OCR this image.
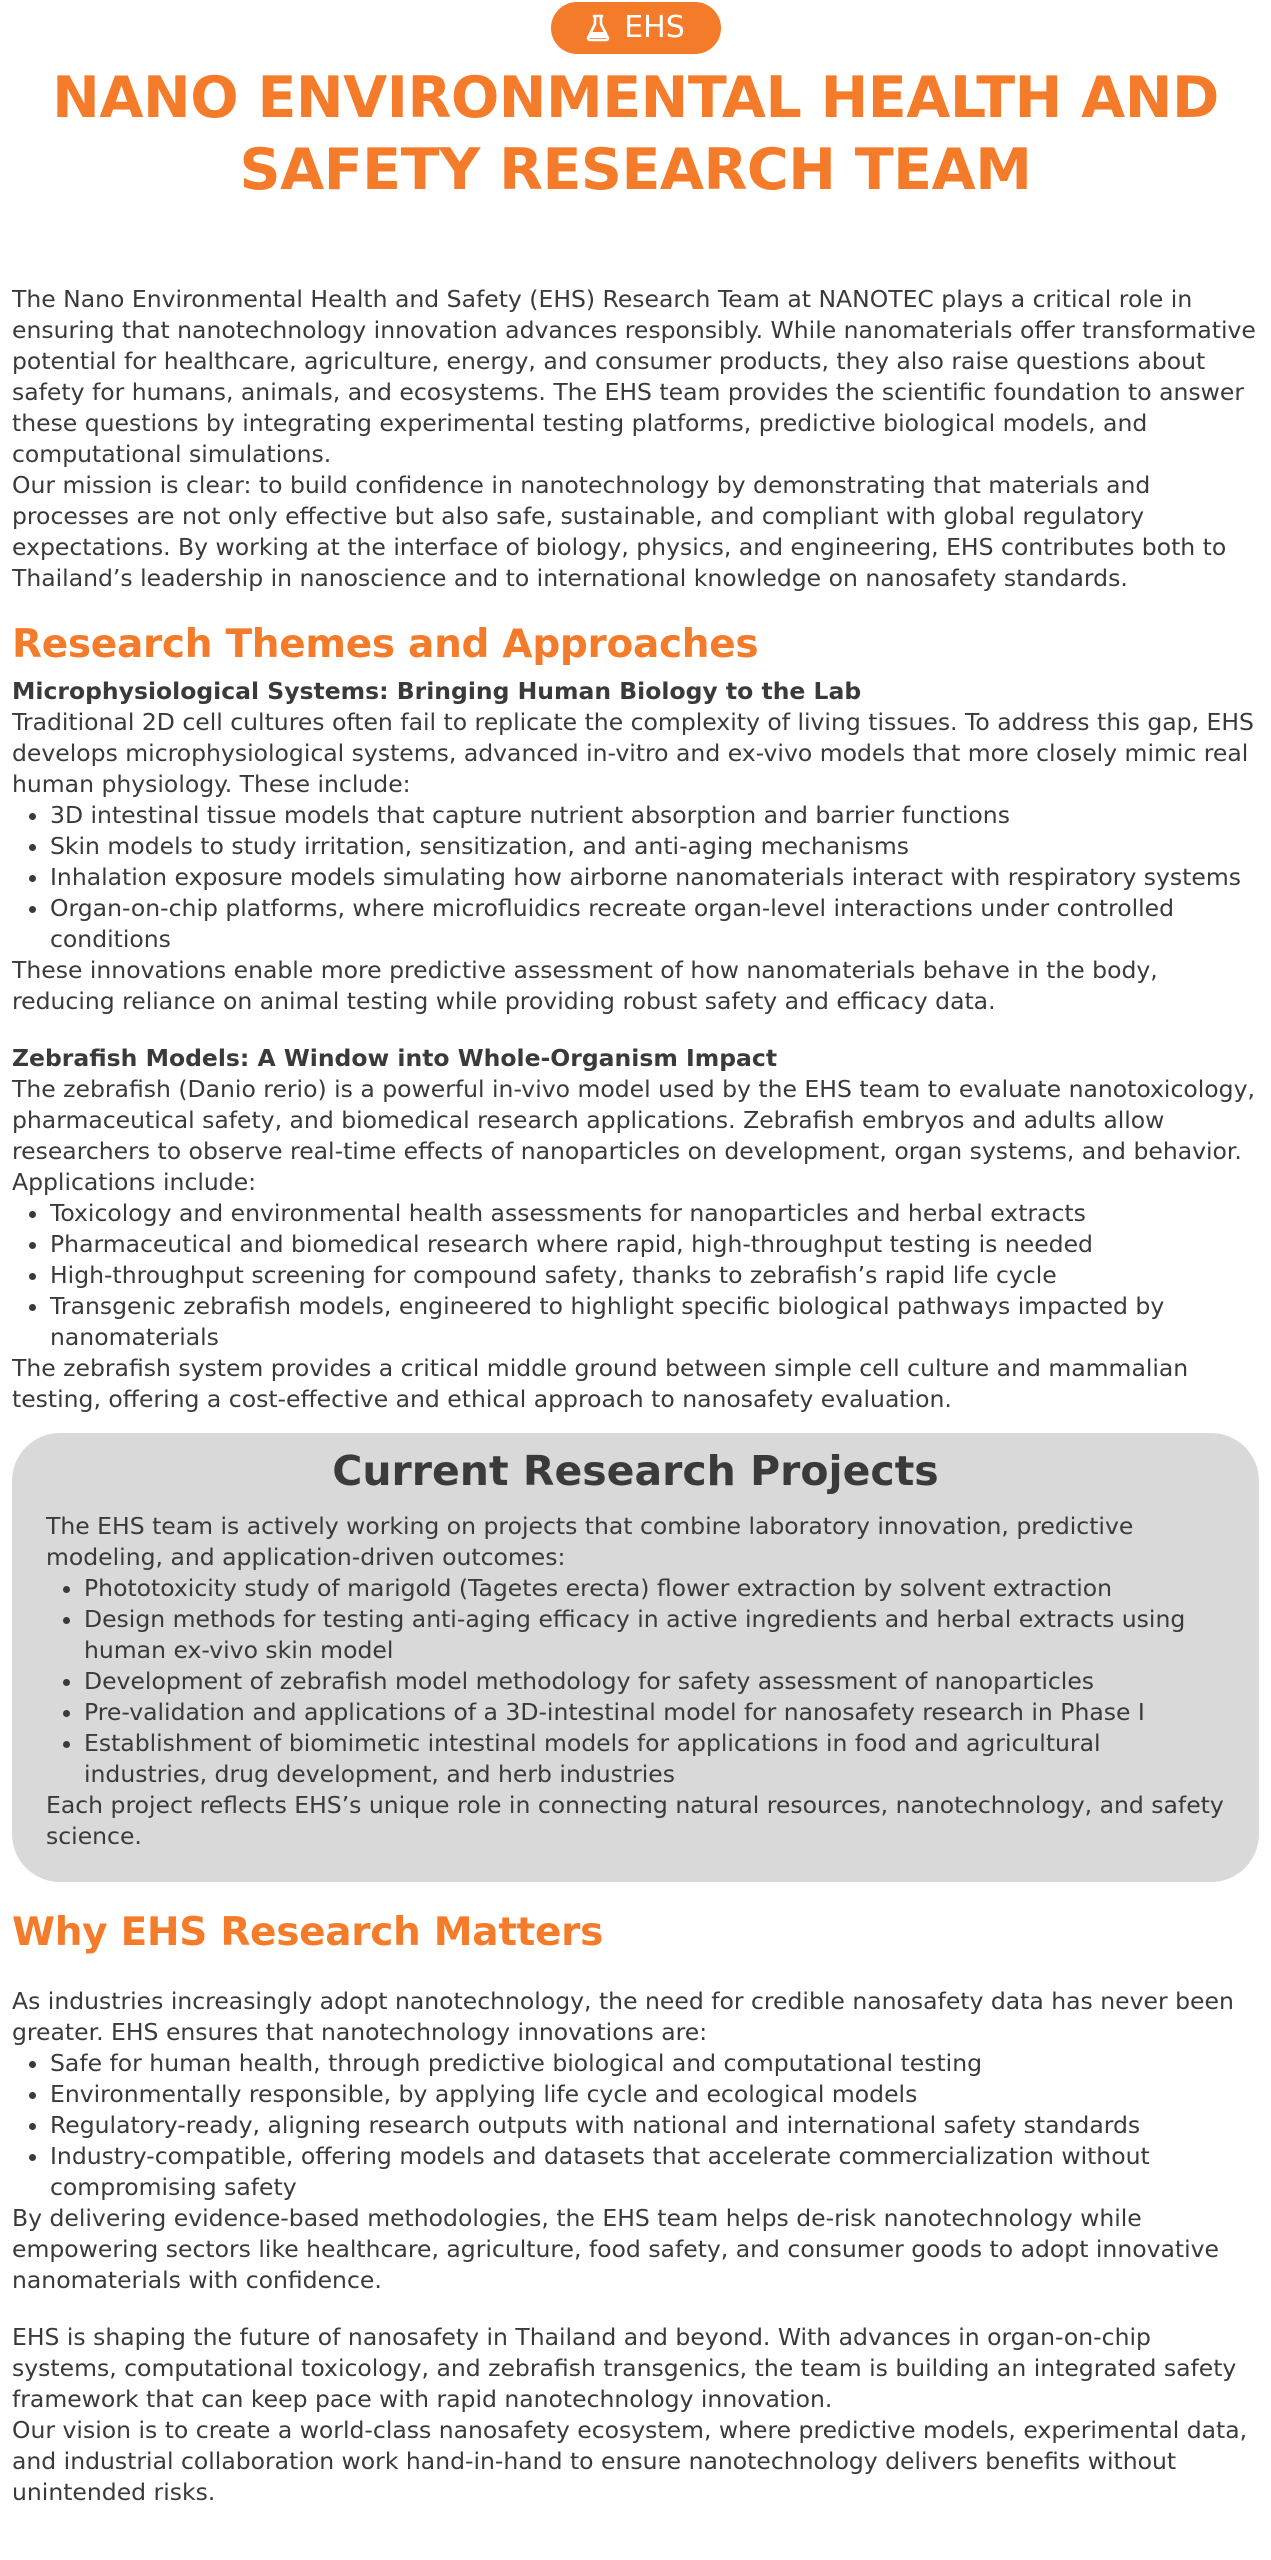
EHS
NANO ENVIRONMENTAL HEALTH AND SAFETY RESEARCH TEAM

The Nano Environmental Health and Safety (EHS) Research Team at NANOTEC plays a critical role in ensuring that nanotechnology innovation advances responsibly. While nanomaterials offer transformative potential for healthcare, agriculture, energy, and consumer products, they also raise questions about safety for humans, animals, and ecosystems. The EHS team provides the scientific foundation to answer these questions by integrating experimental testing platforms, predictive biological models, and computational simulations.

Our mission is clear: to build confidence in nanotechnology by demonstrating that materials and processes are not only effective but also safe, sustainable, and compliant with global regulatory expectations. By working at the interface of biology, physics, and engineering, EHS contributes both to Thailand’s leadership in nanoscience and to international knowledge on nanosafety standards.

Research Themes and Approaches
Microphysiological Systems: Bringing Human Biology to the Lab

Traditional 2D cell cultures often fail to replicate the complexity of living tissues. To address this gap, EHS develops microphysiological systems, advanced in-vitro and ex-vivo models that more closely mimic real human physiology. These include:

• 3D intestinal tissue models that capture nutrient absorption and barrier functions
• Skin models to study irritation, sensitization, and anti-aging mechanisms
• Inhalation exposure models simulating how airborne nanomaterials interact with respiratory systems
• Organ-on-chip platforms, where microfluidics recreate organ-level interactions under controlled conditions

These innovations enable more predictive assessment of how nanomaterials behave in the body, reducing reliance on animal testing while providing robust safety and efficacy data.

Zebrafish Models: A Window into Whole-Organism Impact

The zebrafish (Danio rerio) is a powerful in-vivo model used by the EHS team to evaluate nanotoxicology, pharmaceutical safety, and biomedical research applications. Zebrafish embryos and adults allow researchers to observe real-time effects of nanoparticles on development, organ systems, and behavior.

Applications include:

• Toxicology and environmental health assessments for nanoparticles and herbal extracts
• Pharmaceutical and biomedical research where rapid, high-throughput testing is needed
• High-throughput screening for compound safety, thanks to zebrafish’s rapid life cycle
• Transgenic zebrafish models, engineered to highlight specific biological pathways impacted by nanomaterials

The zebrafish system provides a critical middle ground between simple cell culture and mammalian testing, offering a cost-effective and ethical approach to nanosafety evaluation.

Current Research Projects

The EHS team is actively working on projects that combine laboratory innovation, predictive modeling, and application-driven outcomes:

• Phototoxicity study of marigold (Tagetes erecta) flower extraction by solvent extraction
• Design methods for testing anti-aging efficacy in active ingredients and herbal extracts using human ex-vivo skin model
• Development of zebrafish model methodology for safety assessment of nanoparticles
• Pre-validation and applications of a 3D-intestinal model for nanosafety research in Phase I
• Establishment of biomimetic intestinal models for applications in food and agricultural industries, drug development, and herb industries

Each project reflects EHS’s unique role in connecting natural resources, nanotechnology, and safety science.

Why EHS Research Matters

As industries increasingly adopt nanotechnology, the need for credible nanosafety data has never been greater. EHS ensures that nanotechnology innovations are:

• Safe for human health, through predictive biological and computational testing
• Environmentally responsible, by applying life cycle and ecological models
• Regulatory-ready, aligning research outputs with national and international safety standards
• Industry-compatible, offering models and datasets that accelerate commercialization without compromising safety

By delivering evidence-based methodologies, the EHS team helps de-risk nanotechnology while empowering sectors like healthcare, agriculture, food safety, and consumer goods to adopt innovative nanomaterials with confidence.

EHS is shaping the future of nanosafety in Thailand and beyond. With advances in organ-on-chip systems, computational toxicology, and zebrafish transgenics, the team is building an integrated safety framework that can keep pace with rapid nanotechnology innovation.

Our vision is to create a world-class nanosafety ecosystem, where predictive models, experimental data, and industrial collaboration work hand-in-hand to ensure nanotechnology delivers benefits without unintended risks.
